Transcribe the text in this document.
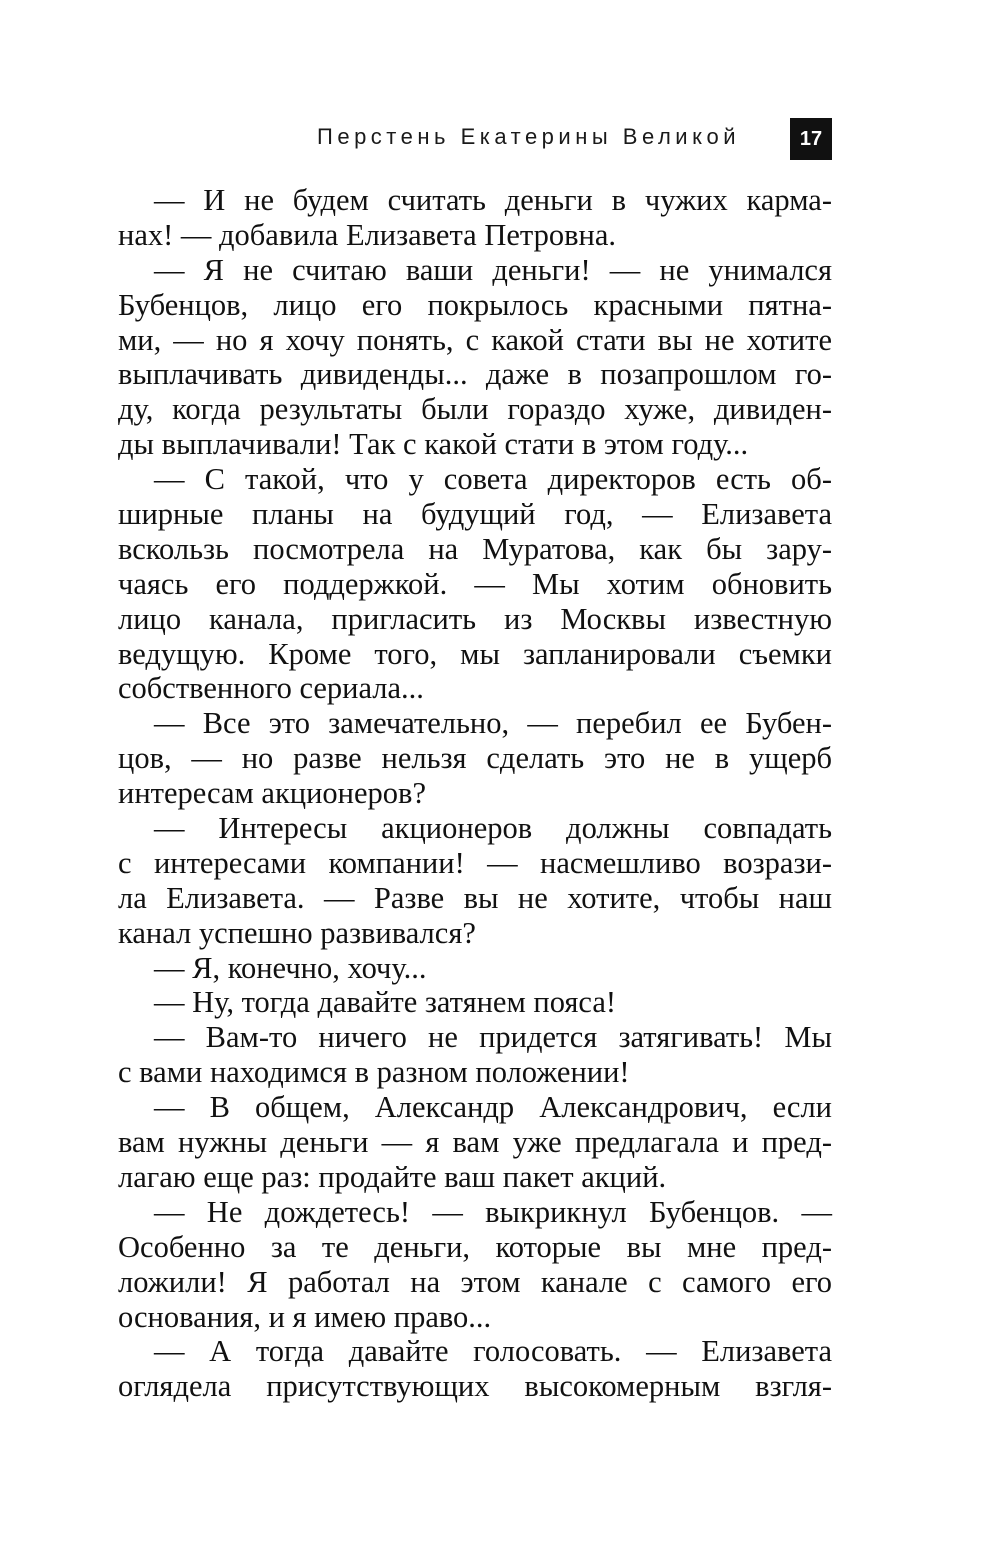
Перстень Екатерины Великой	17
— И не будем считать деньги в чужих карма-
нах! — добавила Елизавета Петровна.
— Я не считаю ваши деньги! — не унимался
Бубенцов, лицо его покрылось красными пятна-
ми, — но я хочу понять, с какой стати вы не хотите
выплачивать дивиденды... даже в позапрошлом го-
ду, когда результаты были гораздо хуже, дивиден-
ды выплачивали! Так с какой стати в этом году...
— С такой, что у совета директоров есть об-
ширные планы на будущий год, — Елизавета
вскользь посмотрела на Муратова, как бы зару-
чаясь его поддержкой. — Мы хотим обновить
лицо канала, пригласить из Москвы известную
ведущую. Кроме того, мы запланировали съемки
собственного сериала...
— Все это замечательно, — перебил ее Бубен-
цов, — но разве нельзя сделать это не в ущерб
интересам акционеров?
— Интересы акционеров должны совпадать
с интересами компании! — насмешливо возрази-
ла Елизавета. — Разве вы не хотите, чтобы наш
канал успешно развивался?
— Я, конечно, хочу...
— Ну, тогда давайте затянем пояса!
— Вам-то ничего не придется затягивать! Мы
с вами находимся в разном положении!
— В общем, Александр Александрович, если
вам нужны деньги — я вам уже предлагала и пред-
лагаю еще раз: продайте ваш пакет акций.
— Не дождетесь! — выкрикнул Бубенцов. —
Особенно за те деньги, которые вы мне пред-
ложили! Я работал на этом канале с самого его
основания, и я имею право...
— А тогда давайте голосовать. — Елизавета
оглядела присутствующих высокомерным взгля-
